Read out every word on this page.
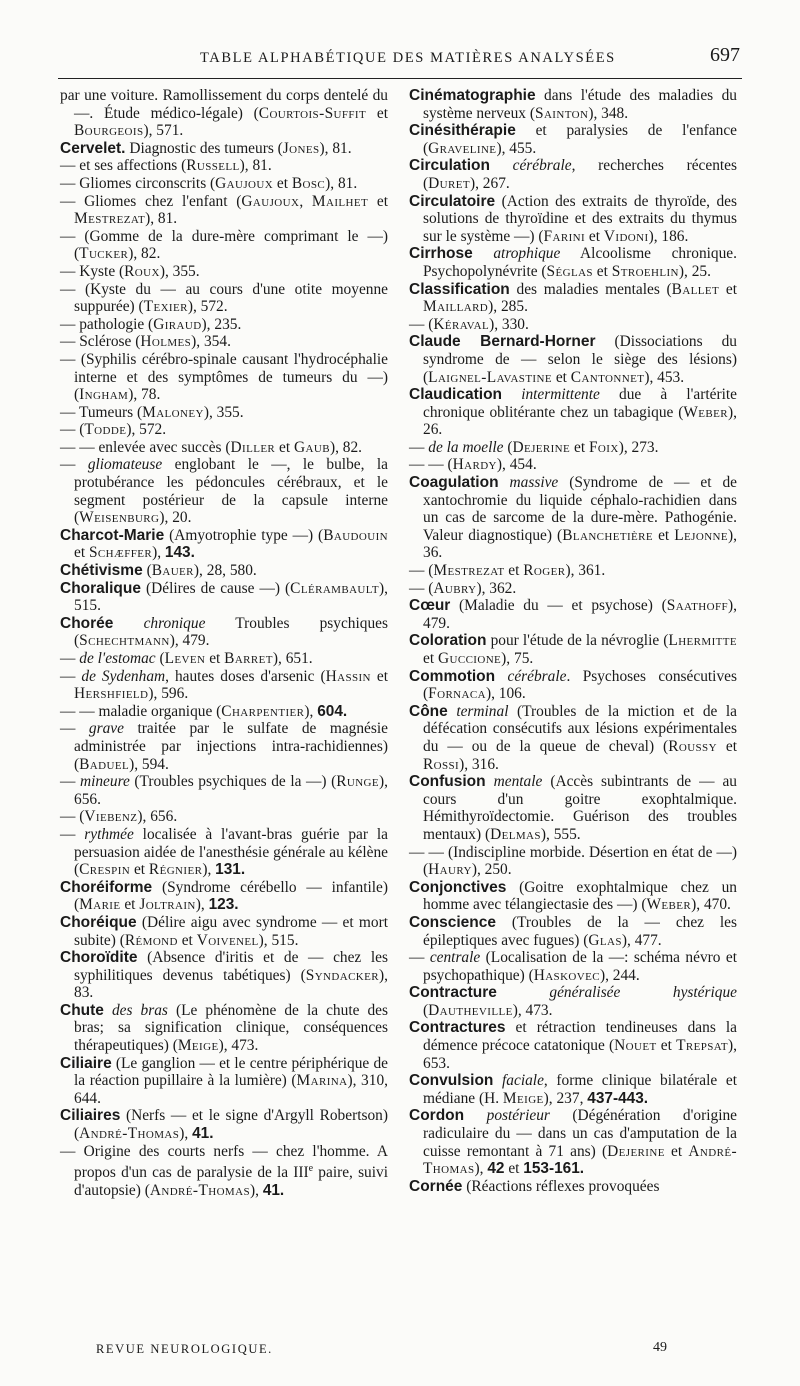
TABLE ALPHABÉTIQUE DES MATIÈRES ANALYSÉES	697

par une voiture. Ramollissement du corps dentelé du —. Étude médico-légale) (Courtois-Suffit et Bourgeois), 571.

Cervelet. Diagnostic des tumeurs (Jones), 81.

— et ses affections (Russell), 81.

— Gliomes circonscrits (Gaujoux et Bosc), 81.

— Gliomes chez l'enfant (Gaujoux, Mailhet et Mestrezat), 81.

— (Gomme de la dure-mère comprimant le —) (Tucker), 82.

— Kyste (Roux), 355.

— (Kyste du — au cours d'une otite moyenne suppurée) (Texier), 572.

— pathologie (Giraud), 235.

— Sclérose (Holmes), 354.

— (Syphilis cérébro-spinale causant l'hydrocéphalie interne et des symptômes de tumeurs du —) (Ingham), 78.

— Tumeurs (Maloney), 355.

— (Todde), 572.

— — enlevée avec succès (Diller et Gaub), 82.

— gliomateuse englobant le —, le bulbe, la protubérance les pédoncules cérébraux, et le segment postérieur de la capsule interne (Weisenburg), 20.

Charcot-Marie (Amyotrophie type —) (Baudouin et Schæffer), 143.

Chétivisme (Bauer), 28, 580.

Choralique (Délires de cause —) (Clérambault), 515.

Chorée chronique Troubles psychiques (Schechtmann), 479.

— de l'estomac (Leven et Barret), 651.

— de Sydenham, hautes doses d'arsenic (Hassin et Hershfield), 596.

— — maladie organique (Charpentier), 604.

— grave traitée par le sulfate de magnésie administrée par injections intra-rachidiennes) (Baduel), 594.

— mineure (Troubles psychiques de la —) (Runge), 656.

— (Viebenz), 656.

— rythmée localisée à l'avant-bras guérie par la persuasion aidée de l'anesthésie générale au kélène (Crespin et Régnier), 131.

Choréiforme (Syndrome cérébello — infantile) (Marie et Joltrain), 123.

Choréique (Délire aigu avec syndrome — et mort subite) (Rémond et Voivenel), 515.

Choroïdite (Absence d'iritis et de — chez les syphilitiques devenus tabétiques) (Syndacker), 83.

Chute des bras (Le phénomène de la chute des bras; sa signification clinique, conséquences thérapeutiques) (Meige), 473.

Ciliaire (Le ganglion — et le centre périphérique de la réaction pupillaire à la lumière) (Marina), 310, 644.

Ciliaires (Nerfs — et le signe d'Argyll Robertson) (André-Thomas), 41.

— Origine des courts nerfs — chez l'homme. A propos d'un cas de paralysie de la IIIe paire, suivi d'autopsie) (André-Thomas), 41.

Cinématographie dans l'étude des maladies du système nerveux (Sainton), 348.

Cinésithérapie et paralysies de l'enfance (Graveline), 455.

Circulation cérébrale, recherches récentes (Duret), 267.

Circulatoire (Action des extraits de thyroïde, des solutions de thyroïdine et des extraits du thymus sur le système —) (Farini et Vidoni), 186.

Cirrhose atrophique Alcoolisme chronique. Psychopolynévrite (Séglas et Stroehlin), 25.

Classification des maladies mentales (Ballet et Maillard), 285.

— (Kéraval), 330.

Claude Bernard-Horner (Dissociations du syndrome de — selon le siège des lésions) (Laignel-Lavastine et Cantonnet), 453.

Claudication intermittente due à l'artérite chronique oblitérante chez un tabagique (Weber), 26.

— de la moelle (Dejerine et Foix), 273.

— — (Hardy), 454.

Coagulation massive (Syndrome de — et de xantochromie du liquide céphalo-rachidien dans un cas de sarcome de la dure-mère. Pathogénie. Valeur diagnostique) (Blanchetière et Lejonne), 36.

— (Mestrezat et Roger), 361.

— (Aubry), 362.

Cœur (Maladie du — et psychose) (Saathoff), 479.

Coloration pour l'étude de la névroglie (Lhermitte et Guccione), 75.

Commotion cérébrale. Psychoses consécutives (Fornaca), 106.

Cône terminal (Troubles de la miction et de la défécation consécutifs aux lésions expérimentales du — ou de la queue de cheval) (Roussy et Rossi), 316.

Confusion mentale (Accès subintrants de — au cours d'un goitre exophtalmique. Hémithyroïdectomie. Guérison des troubles mentaux) (Delmas), 555.

— — (Indiscipline morbide. Désertion en état de —) (Haury), 250.

Conjonctives (Goitre exophtalmique chez un homme avec télangiectasie des —) (Weber), 470.

Conscience (Troubles de la — chez les épileptiques avec fugues) (Glas), 477.

— centrale (Localisation de la —: schéma névro et psychopathique) (Haskovec), 244.

Contracture	généralisée hystérique (Dautheville), 473.

Contractures et rétraction tendineuses dans la démence précoce catatonique (Nouet et Trepsat), 653.

Convulsion faciale, forme clinique bilatérale et médiane (H. Meige), 237, 437-443.

Cordon postérieur (Dégénération d'origine radiculaire du — dans un cas d'amputation de la cuisse remontant à 71 ans) (Dejerine et André-Thomas), 42 et 153-161.

Cornée (Réactions réflexes provoquées

REVUE NEUROLOGIQUE.	49
